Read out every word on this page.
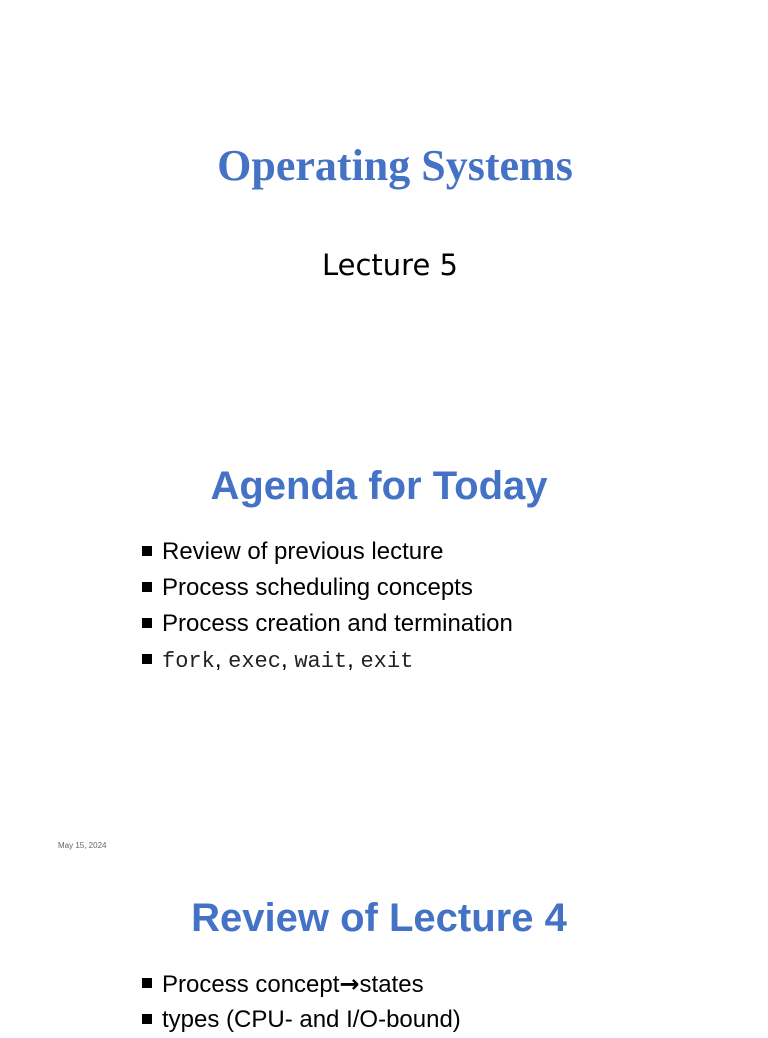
Operating Systems
Lecture 5
Agenda for Today
Review of previous lecture
Process scheduling concepts
Process creation and termination
fork, exec, wait, exit
May 15, 2024
Review of Lecture 4
Process concept→states
types (CPU- and I/O-bound)
